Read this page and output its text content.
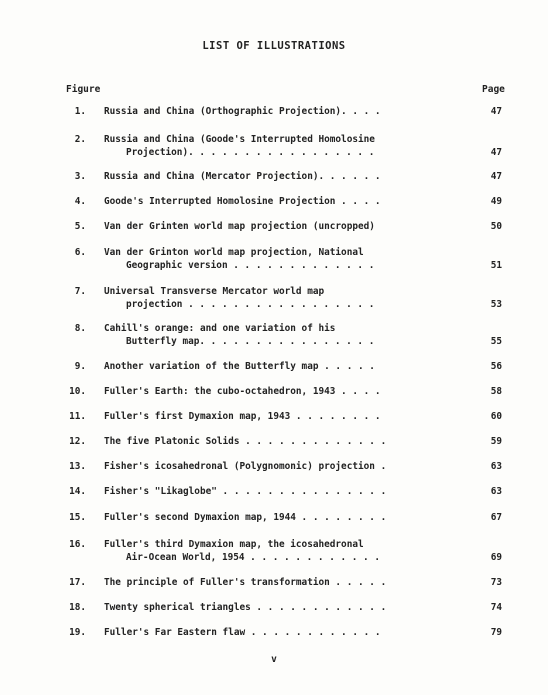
LIST OF ILLUSTRATIONS
Figure	Page
1. Russia and China (Orthographic Projection). . . .	47
2. Russia and China (Goode's Interrupted Homolosine
Projection). . . . . . . . . . . . . . . . .	47
3. Russia and China (Mercator Projection). . . . . .	47
4. Goode's Interrupted Homolosine Projection . . . .	49
5. Van der Grinten world map projection (uncropped)	50
6. Van der Grinton world map projection, National
Geographic version . . . . . . . . . . . . .	51
7. Universal Transverse Mercator world map
projection . . . . . . . . . . . . . . . . .	53
8. Cahill's orange: and one variation of his
Butterfly map. . . . . . . . . . . . . . . .	55
9. Another variation of the Butterfly map . . . . .	56
10. Fuller's Earth: the cubo-octahedron, 1943 . . . .	58
11. Fuller's first Dymaxion map, 1943 . . . . . . . .	60
12. The five Platonic Solids . . . . . . . . . . . . .	59
13. Fisher's icosahedronal (Polygnomonic) projection .	63
14. Fisher's "Likaglobe" . . . . . . . . . . . . . . .	63
15. Fuller's second Dymaxion map, 1944 . . . . . . . .	67
16. Fuller's third Dymaxion map, the icosahedronal
Air-Ocean World, 1954 . . . . . . . . . . . .	69
17. The principle of Fuller's transformation . . . . .	73
18. Twenty spherical triangles . . . . . . . . . . . .	74
19. Fuller's Far Eastern flaw . . . . . . . . . . . .	79
v
